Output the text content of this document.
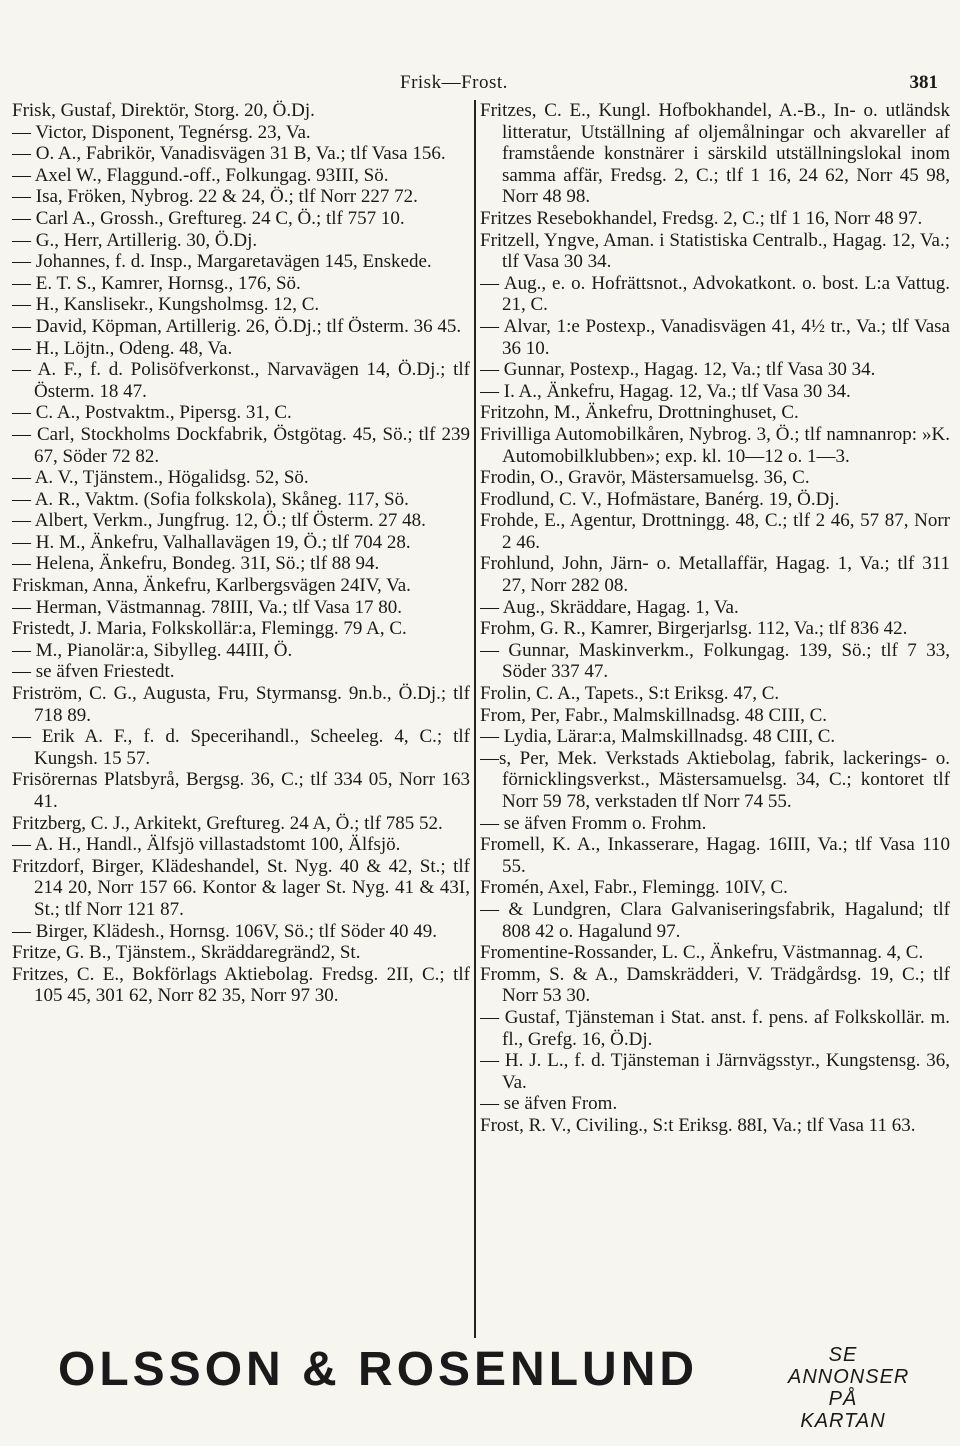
Frisk—Frost.	381
Frisk, Gustaf, Direktör, Storg. 20, Ö.Dj.
— Victor, Disponent, Tegnérsg. 23, Va.
— O. A., Fabrikör, Vanadisvägen 31 B, Va.; tlf Vasa 156.
— Axel W., Flaggund.-off., Folkungag. 93III, Sö.
— Isa, Fröken, Nybrog. 22 & 24, Ö.; tlf Norr 227 72.
— Carl A., Grossh., Greftureg. 24 C, Ö.; tlf 757 10.
— G., Herr, Artillerig. 30, Ö.Dj.
— Johannes, f. d. Insp., Margaretavägen 145, Enskede.
— E. T. S., Kamrer, Hornsg., 176, Sö.
— H., Kanslisekr., Kungsholmsg. 12, C.
— David, Köpman, Artillerig. 26, Ö.Dj.; tlf Österm. 36 45.
— H., Löjtn., Odeng. 48, Va.
— A. F., f. d. Polisöfverkonst., Narvavägen 14, Ö.Dj.; tlf Österm. 18 47.
— C. A., Postvaktm., Pipersg. 31, C.
— Carl, Stockholms Dockfabrik, Östgötag. 45, Sö.; tlf 239 67, Söder 72 82.
— A. V., Tjänstem., Högalidsg. 52, Sö.
— A. R., Vaktm. (Sofia folkskola), Skåneg. 117, Sö.
— Albert, Verkm., Jungfrug. 12, Ö.; tlf Österm. 27 48.
— H. M., Änkefru, Valhallavägen 19, Ö.; tlf 704 28.
— Helena, Änkefru, Bondeg. 31I, Sö.; tlf 88 94.
Friskman, Anna, Änkefru, Karlbergsvägen 24IV, Va.
— Herman, Västmannag. 78III, Va.; tlf Vasa 17 80.
Fristedt, J. Maria, Folkskollär:a, Flemingg. 79 A, C.
— M., Pianolär:a, Sibylleg. 44III, Ö.
— se äfven Friestedt.
Friström, C. G., Augusta, Fru, Styrmansg. 9n.b., Ö.Dj.; tlf 718 89.
— Erik A. F., f. d. Specerihandl., Scheeleg. 4, C.; tlf Kungsh. 15 57.
Frisörernas Platsbyrå, Bergsg. 36, C.; tlf 334 05, Norr 163 41.
Fritzberg, C. J., Arkitekt, Greftureg. 24 A, Ö.; tlf 785 52.
— A. H., Handl., Älfsjö villastadstomt 100, Älfsjö.
Fritzdorf, Birger, Klädeshandel, St. Nyg. 40 & 42, St.; tlf 214 20, Norr 157 66. Kontor & lager St. Nyg. 41 & 43I, St.; tlf Norr 121 87.
— Birger, Klädesh., Hornsg. 106V, Sö.; tlf Söder 40 49.
Fritze, G. B., Tjänstem., Skräddaregränd2, St.
Fritzes, C. E., Bokförlags Aktiebolag. Fredsg. 2II, C.; tlf 105 45, 301 62, Norr 82 35, Norr 97 30.
Fritzes, C. E., Kungl. Hofbokhandel, A.-B., In- o. utländsk litteratur, Utställning af oljemålningar och akvareller af framstående konstnärer i särskild utställningslokal inom samma affär, Fredsg. 2, C.; tlf 1 16, 24 62, Norr 45 98, Norr 48 98.
Fritzes Resebokhandel, Fredsg. 2, C.; tlf 1 16, Norr 48 97.
Fritzell, Yngve, Aman. i Statistiska Centralb., Hagag. 12, Va.; tlf Vasa 30 34.
— Aug., e. o. Hofrättsnot., Advokatkont. o. bost. L:a Vattug. 21, C.
— Alvar, 1:e Postexp., Vanadisvägen 41, 4½ tr., Va.; tlf Vasa 36 10.
— Gunnar, Postexp., Hagag. 12, Va.; tlf Vasa 30 34.
— I. A., Änkefru, Hagag. 12, Va.; tlf Vasa 30 34.
Fritzohn, M., Änkefru, Drottninghuset, C.
Frivilliga Automobilkåren, Nybrog. 3, Ö.; tlf namnanrop: »K. Automobilklubben»; exp. kl. 10—12 o. 1—3.
Frodin, O., Gravör, Mästersamuelsg. 36, C.
Frodlund, C. V., Hofmästare, Banérg. 19, Ö.Dj.
Frohde, E., Agentur, Drottningg. 48, C.; tlf 2 46, 57 87, Norr 2 46.
Frohlund, John, Järn- o. Metallaffär, Hagag. 1, Va.; tlf 311 27, Norr 282 08.
— Aug., Skräddare, Hagag. 1, Va.
Frohm, G. R., Kamrer, Birgerjarlsg. 112, Va.; tlf 836 42.
— Gunnar, Maskinverkm., Folkungag. 139, Sö.; tlf 7 33, Söder 337 47.
Frolin, C. A., Tapets., S:t Eriksg. 47, C.
From, Per, Fabr., Malmskillnadsg. 48 CIII, C.
— Lydia, Lärar:a, Malmskillnadsg. 48 CIII, C.
—s, Per, Mek. Verkstads Aktiebolag, fabrik, lackerings- o. förnicklingsverkst., Mästersamuelsg. 34, C.; kontoret tlf Norr 59 78, verkstaden tlf Norr 74 55.
— se äfven Fromm o. Frohm.
Fromell, K. A., Inkasserare, Hagag. 16III, Va.; tlf Vasa 110 55.
Fromén, Axel, Fabr., Flemingg. 10IV, C.
— & Lundgren, Clara Galvaniseringsfabrik, Hagalund; tlf 808 42 o. Hagalund 97.
Fromentine-Rossander, L. C., Änkefru, Västmannag. 4, C.
Fromm, S. & A., Damskrädderi, V. Trädgårdsg. 19, C.; tlf Norr 53 30.
— Gustaf, Tjänsteman i Stat. anst. f. pens. af Folkskollär. m. fl., Grefg. 16, Ö.Dj.
— H. J. L., f. d. Tjänsteman i Järnvägsstyr., Kungstensg. 36, Va.
— se äfven From.
Frost, R. V., Civiling., S:t Eriksg. 88I, Va.; tlf Vasa 11 63.
OLSSON & ROSENLUND	SE ANNONSER
PÅ KARTAN
